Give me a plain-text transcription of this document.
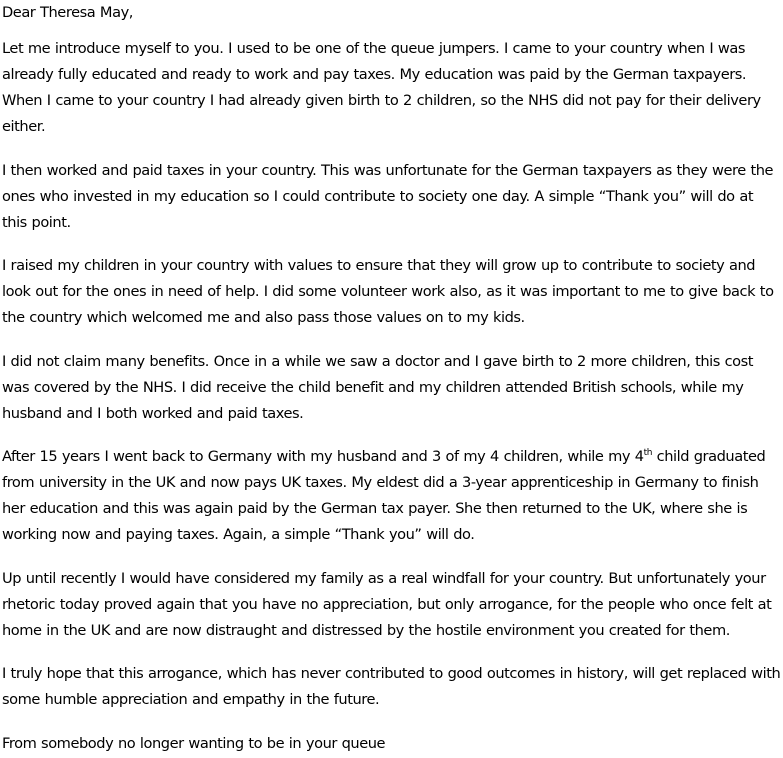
Dear Theresa May,

Let me introduce myself to you. I used to be one of the queue jumpers. I came to your country when I was already fully educated and ready to work and pay taxes. My education was paid by the German taxpayers. When I came to your country I had already given birth to 2 children, so the NHS did not pay for their delivery either.

I then worked and paid taxes in your country. This was unfortunate for the German taxpayers as they were the ones who invested in my education so I could contribute to society one day. A simple “Thank you” will do at this point.

I raised my children in your country with values to ensure that they will grow up to contribute to society and look out for the ones in need of help. I did some volunteer work also, as it was important to me to give back to the country which welcomed me and also pass those values on to my kids.

I did not claim many benefits. Once in a while we saw a doctor and I gave birth to 2 more children, this cost was covered by the NHS. I did receive the child benefit and my children attended British schools, while my husband and I both worked and paid taxes.

After 15 years I went back to Germany with my husband and 3 of my 4 children, while my 4th child graduated from university in the UK and now pays UK taxes. My eldest did a 3-year apprenticeship in Germany to finish her education and this was again paid by the German tax payer. She then returned to the UK, where she is working now and paying taxes. Again, a simple “Thank you” will do.

Up until recently I would have considered my family as a real windfall for your country. But unfortunately your rhetoric today proved again that you have no appreciation, but only arrogance, for the people who once felt at home in the UK and are now distraught and distressed by the hostile environment you created for them.

I truly hope that this arrogance, which has never contributed to good outcomes in history, will get replaced with some humble appreciation and empathy in the future.

From somebody no longer wanting to be in your queue
